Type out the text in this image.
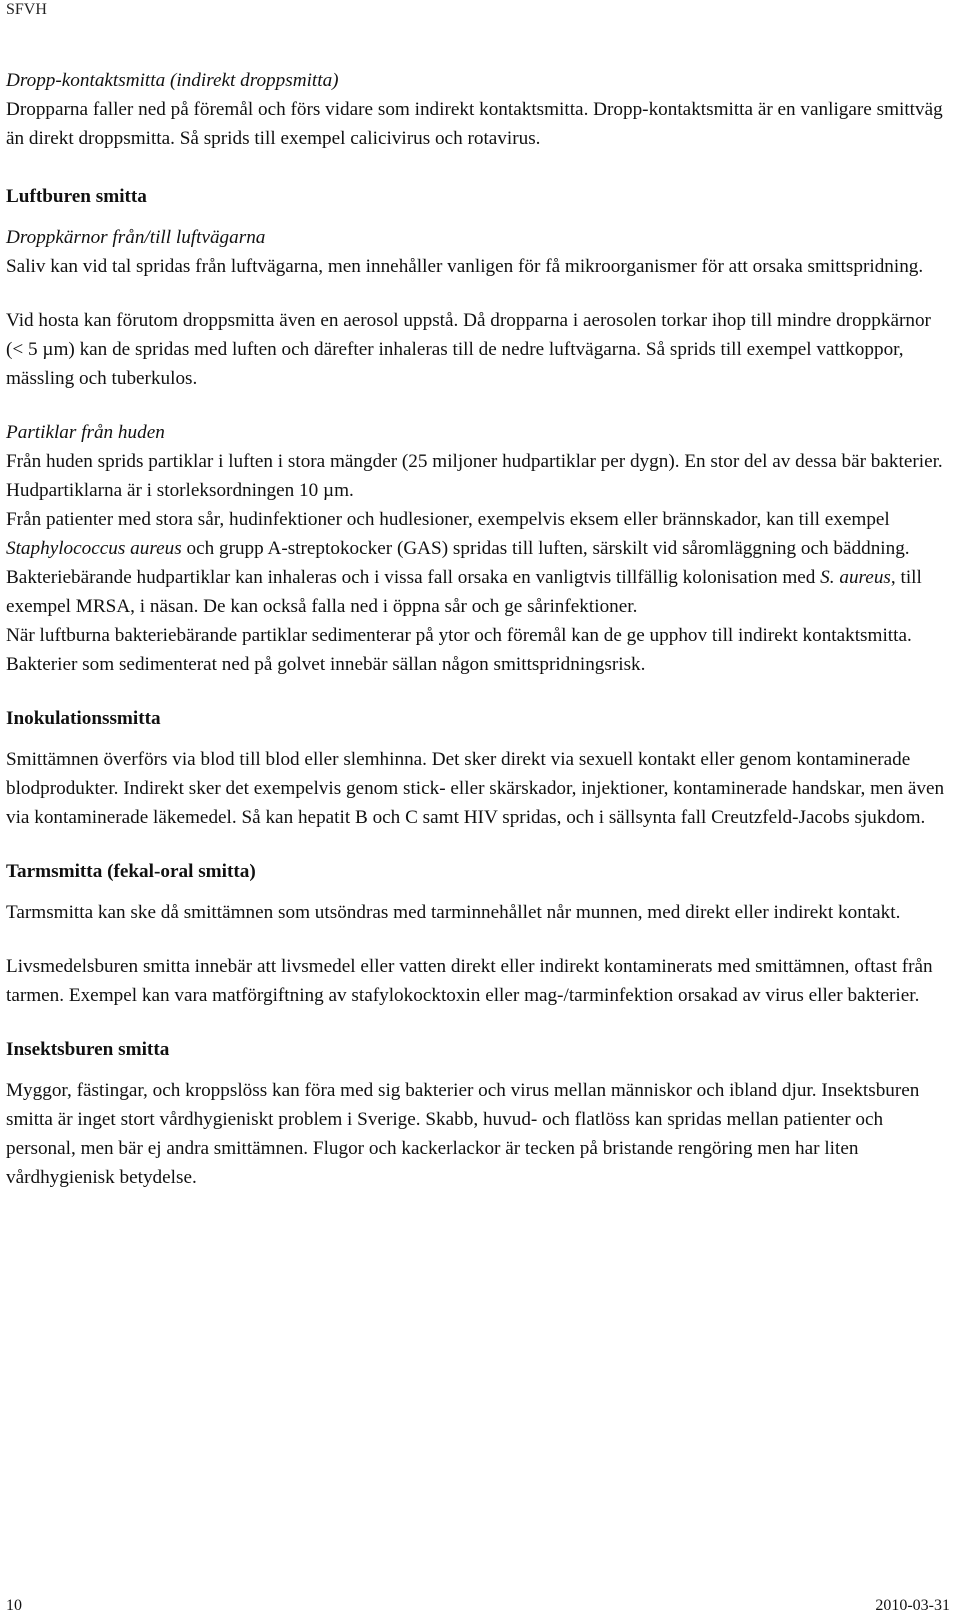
SFVH

Dropp-kontaktsmitta (indirekt droppsmitta)

Dropparna faller ned på föremål och förs vidare som indirekt kontaktsmitta. Dropp-kontaktsmitta är en vanligare smittväg än direkt droppsmitta. Så sprids till exempel calicivirus och rotavirus.

Luftburen smitta

Droppkärnor från/till luftvägarna

Saliv kan vid tal spridas från luftvägarna, men innehåller vanligen för få mikroorganismer för att orsaka smittspridning.

Vid hosta kan förutom droppsmitta även en aerosol uppstå. Då dropparna i aerosolen torkar ihop till mindre droppkärnor (< 5 µm) kan de spridas med luften och därefter inhaleras till de nedre luftvägarna. Så sprids till exempel vattkoppor, mässling och tuberkulos.

Partiklar från huden

Från huden sprids partiklar i luften i stora mängder (25 miljoner hudpartiklar per dygn). En stor del av dessa bär bakterier. Hudpartiklarna är i storleksordningen 10 µm.

Från patienter med stora sår, hudinfektioner och hudlesioner, exempelvis eksem eller brännskador, kan till exempel Staphylococcus aureus och grupp A-streptokocker (GAS) spridas till luften, särskilt vid såromläggning och bäddning.

Bakteriebärande hudpartiklar kan inhaleras och i vissa fall orsaka en vanligtvis tillfällig kolonisation med S. aureus, till exempel MRSA, i näsan. De kan också falla ned i öppna sår och ge sårinfektioner.

När luftburna bakteriebärande partiklar sedimenterar på ytor och föremål kan de ge upphov till indirekt kontaktsmitta. Bakterier som sedimenterat ned på golvet innebär sällan någon smittspridningsrisk.

Inokulationssmitta

Smittämnen överförs via blod till blod eller slemhinna. Det sker direkt via sexuell kontakt eller genom kontaminerade blodprodukter. Indirekt sker det exempelvis genom stick- eller skärskador, injektioner, kontaminerade handskar, men även via kontaminerade läkemedel. Så kan hepatit B och C samt HIV spridas, och i sällsynta fall Creutzfeld-Jacobs sjukdom.

Tarmsmitta (fekal-oral smitta)

Tarmsmitta kan ske då smittämnen som utsöndras med tarminnehållet når munnen, med direkt eller indirekt kontakt.

Livsmedelsburen smitta innebär att livsmedel eller vatten direkt eller indirekt kontaminerats med smittämnen, oftast från tarmen. Exempel kan vara matförgiftning av stafylokocktoxin eller mag-/tarminfektion orsakad av virus eller bakterier.

Insektsburen smitta

Myggor, fästingar, och kroppslöss kan föra med sig bakterier och virus mellan människor och ibland djur. Insektsburen smitta är inget stort vårdhygieniskt problem i Sverige. Skabb, huvud- och flatlöss kan spridas mellan patienter och personal, men bär ej andra smittämnen. Flugor och kackerlackor är tecken på bristande rengöring men har liten vårdhygienisk betydelse.

10	2010-03-31
